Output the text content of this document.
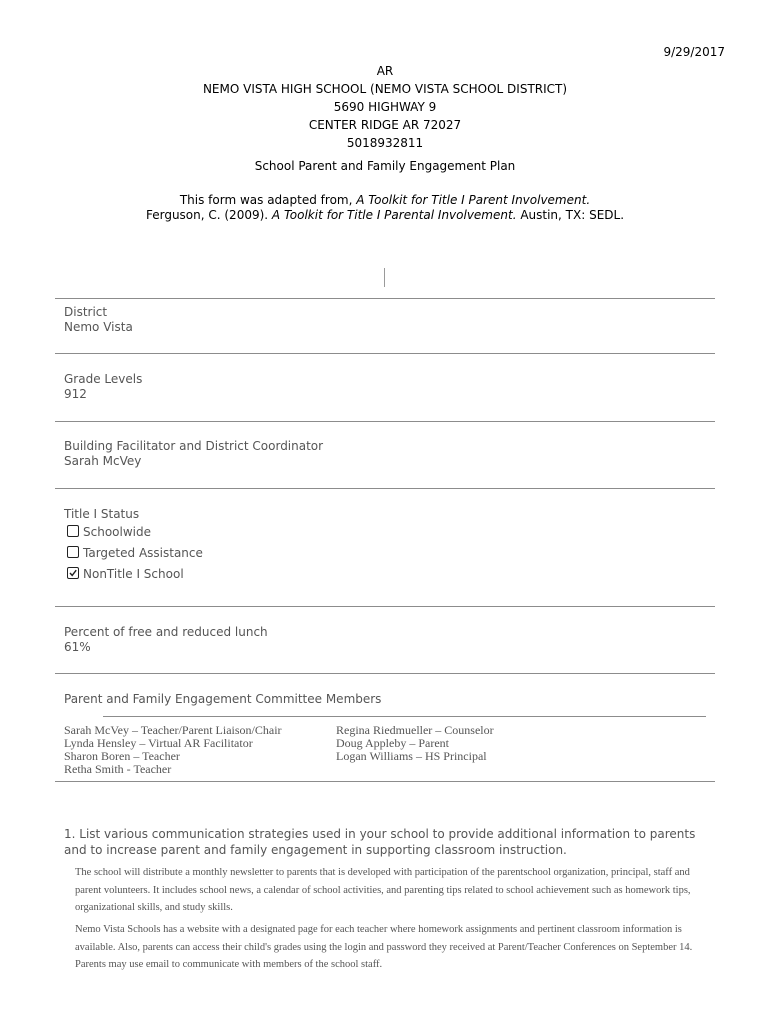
9/29/2017
AR
NEMO VISTA HIGH SCHOOL (NEMO VISTA SCHOOL DISTRICT)
5690 HIGHWAY 9
CENTER RIDGE AR 72027
5018932811
School Parent and Family Engagement Plan
This form was adapted from, A Toolkit for Title I Parent Involvement.
Ferguson, C. (2009). A Toolkit for Title I Parental Involvement. Austin, TX: SEDL.
District
Nemo Vista
Grade Levels
912
Building Facilitator and District Coordinator
Sarah McVey
Title I Status
Schoolwide
Targeted Assistance
NonTitle I School
Percent of free and reduced lunch
61%
Parent and Family Engagement Committee Members
Sarah McVey – Teacher/Parent Liaison/Chair
Lynda Hensley – Virtual AR Facilitator
Sharon Boren – Teacher
Retha Smith - Teacher
Regina Riedmueller – Counselor
Doug Appleby – Parent
Logan Williams – HS Principal
1. List various communication strategies used in your school to provide additional information to parents and to increase parent and family engagement in supporting classroom instruction.
The school will distribute a monthly newsletter to parents that is developed with participation of the parentschool organization, principal, staff and parent volunteers. It includes school news, a calendar of school activities, and parenting tips related to school achievement such as homework tips, organizational skills, and study skills.
Nemo Vista Schools has a website with a designated page for each teacher where homework assignments and pertinent classroom information is available. Also, parents can access their child's grades using the login and password they received at Parent/Teacher Conferences on September 14. Parents may use email to communicate with members of the school staff.
